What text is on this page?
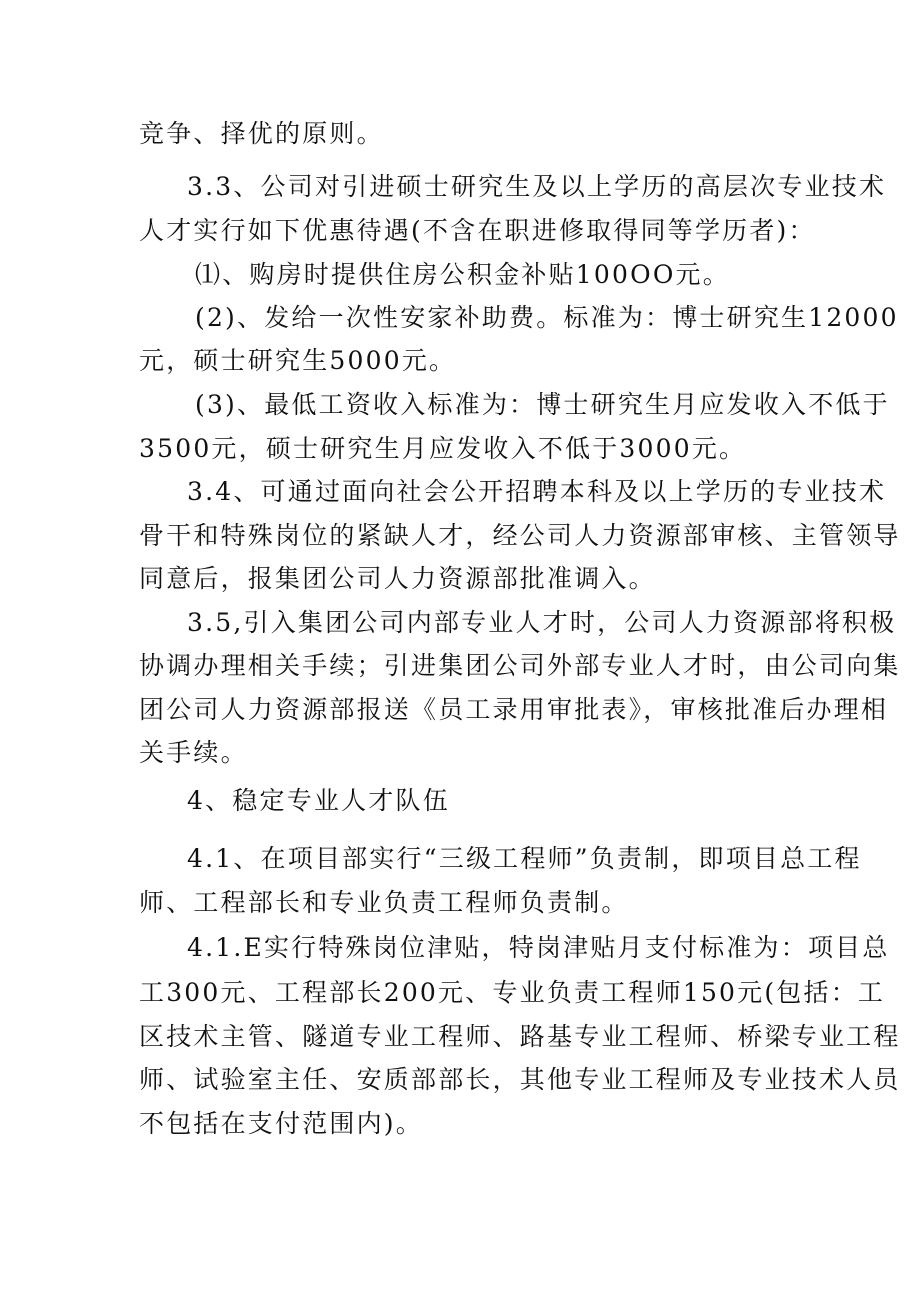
竞争、择优的原则。
3.3、公司对引进硕士研究生及以上学历的高层次专业技术
人才实行如下优惠待遇(不含在职进修取得同等学历者)：
⑴、购房时提供住房公积金补贴100OO元。
(2)、发给一次性安家补助费。标准为：博士研究生12000
元，硕士研究生5000元。
(3)、最低工资收入标准为：博士研究生月应发收入不低于
3500元，硕士研究生月应发收入不低于3000元。
3.4、可通过面向社会公开招聘本科及以上学历的专业技术
骨干和特殊岗位的紧缺人才，经公司人力资源部审核、主管领导
同意后，报集团公司人力资源部批准调入。
3.5,引入集团公司内部专业人才时，公司人力资源部将积极
协调办理相关手续；引进集团公司外部专业人才时，由公司向集
团公司人力资源部报送《员工录用审批表》，审核批准后办理相
关手续。
4、稳定专业人才队伍
4.1、在项目部实行“三级工程师”负责制，即项目总工程
师、工程部长和专业负责工程师负责制。
4.1.E实行特殊岗位津贴，特岗津贴月支付标准为：项目总
工300元、工程部长200元、专业负责工程师150元(包括：工
区技术主管、隧道专业工程师、路基专业工程师、桥梁专业工程
师、试验室主任、安质部部长，其他专业工程师及专业技术人员
不包括在支付范围内)。
